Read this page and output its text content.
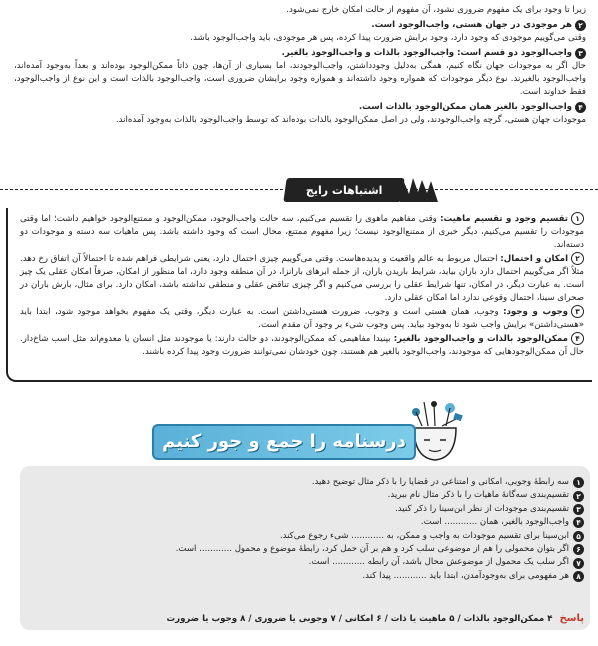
زیرا تا وجود برای یک مفهوم ضروری نشود، آن مفهوم از حالت امکان خارج نمی‌شود.

۲
هر موجودی در جهان هستی، واجب‌الوجود است.

وقتی می‌گوییم موجودی که وجود دارد، وجود برایش ضرورت پیدا کرده، پس هر موجودی، باید واجب‌الوجود باشد.

۳
واجب‌الوجود دو قسم است: واجب‌الوجود بالذات و واجب‌الوجود بالغیر.

حال اگر به موجودات جهان نگاه کنیم، همگی به‌دلیل وجودداشتن، واجب‌الوجودند، اما بسیاری از آن‌ها، چون ذاتاً ممکن‌الوجود بوده‌اند و بعداً به‌وجود آمده‌اند، واجب‌الوجود بالغیرند. نوع دیگر موجودات که همواره وجود داشته‌اند و همواره وجود برایشان ضروری است، واجب‌الوجود بالذات است و این نوع از واجب‌الوجود، فقط خداوند است.

۴
واجب‌الوجود بالغیر همان ممکن‌الوجود بالذات است.

موجودات جهان هستی، گرچه واجب‌الوجودند، ولی در اصل ممکن‌الوجود بالذات بوده‌اند که توسط واجب‌الوجود بالذات به‌وجود آمده‌اند.

اشتباهات رایج

۱تقسیم وجود و تقسیم ماهیت: وقتی مفاهیم ماهوی را تقسیم می‌کنیم، سه حالت واجب‌الوجود، ممکن‌الوجود و ممتنع‌الوجود خواهیم داشت؛ اما وقتی موجودات را تقسیم می‌کنیم، دیگر خبری از ممتنع‌الوجود نیست؛ زیرا مفهوم ممتنع، محال است که وجود داشته باشد. پس ماهیات سه دسته و موجودات دو دسته‌اند.

۲امکان و احتمال: احتمال مربوط به عالم واقعیت و پدیده‌هاست. وقتی می‌گوییم چیزی احتمال دارد، یعنی شرایطی فراهم شده تا احتمالاً آن اتفاق رخ دهد. مثلاً اگر می‌گوییم احتمال دارد باران بیاید، شرایط باریدن باران، از جمله ابرهای بارانزا، در آن منطقه وجود دارد، اما منظور از امکان، صرفاً امکان عقلی یک چیز است. به عبارت دیگر، در امکان، تنها شرایط عقلی را بررسی می‌کنیم و اگر چیزی تناقض عقلی و منطقی نداشته باشد، امکان دارد. برای مثال، بارش باران در صحرای سینا، احتمال وقوعی ندارد اما امکان عقلی دارد.

۳وجوب و وجود: وجوب، همان هستی است و وجوب، ضرورت هستی‌داشتن است. به عبارت دیگر، وقتی یک مفهوم بخواهد موجود شود، ابتدا باید «هستی‌داشتن» برایش واجب شود تا به‌وجود بیاید. پس وجوب شیء بر وجود آن مقدم است.

۴ممکن‌الوجود بالذات و واجب‌الوجود بالغیر: بپنیدا مفاهیمی که ممکن‌الوجودند، دو حالت دارند: یا موجودند مثل انسان یا معدوم‌اند مثل اسب شاخ‌دار. حال آن ممکن‌الوجودهایی که موجودند، واجب‌الوجود بالغیر هم هستند، چون خودشان نمی‌توانند ضرورت وجود پیدا کرده باشند.

درسنامه را جمع و جور کنیم
۱
سه رابطهٔ وجوبی، امکانی و امتناعی در قضایا را با ذکر مثال توضیح دهید.
۲
تقسیم‌بندی سه‌گانهٔ ماهیات را با ذکر مثال نام ببرید.
۳
تقسیم‌بندی موجودات از نظر ابن‌سینا را ذکر کنید.
۴
واجب‌الوجود بالغیر، همان ............ است.
۵
ابن‌سینا برای تقسیم موجودات به واجب و ممکن، به ............ شیء رجوع می‌کند.
۶
اگر بتوان محمولی را هم از موضوعی سلب کرد و هم بر آن حمل کرد، رابطهٔ موضوع و محمول ............ است.
۷
اگر سلب یک محمول از موضوعش محال باشد، آن رابطه ............ است.
۸
هر مفهومی برای به‌وجودآمدن، ابتدا باید ............ پیدا کند.
پاسخ ۴ ممکن‌الوجود بالذات / ۵ ماهیت یا ذات / ۶ امکانی / ۷ وجوبی یا ضروری / ۸ وجوب یا ضرورت
